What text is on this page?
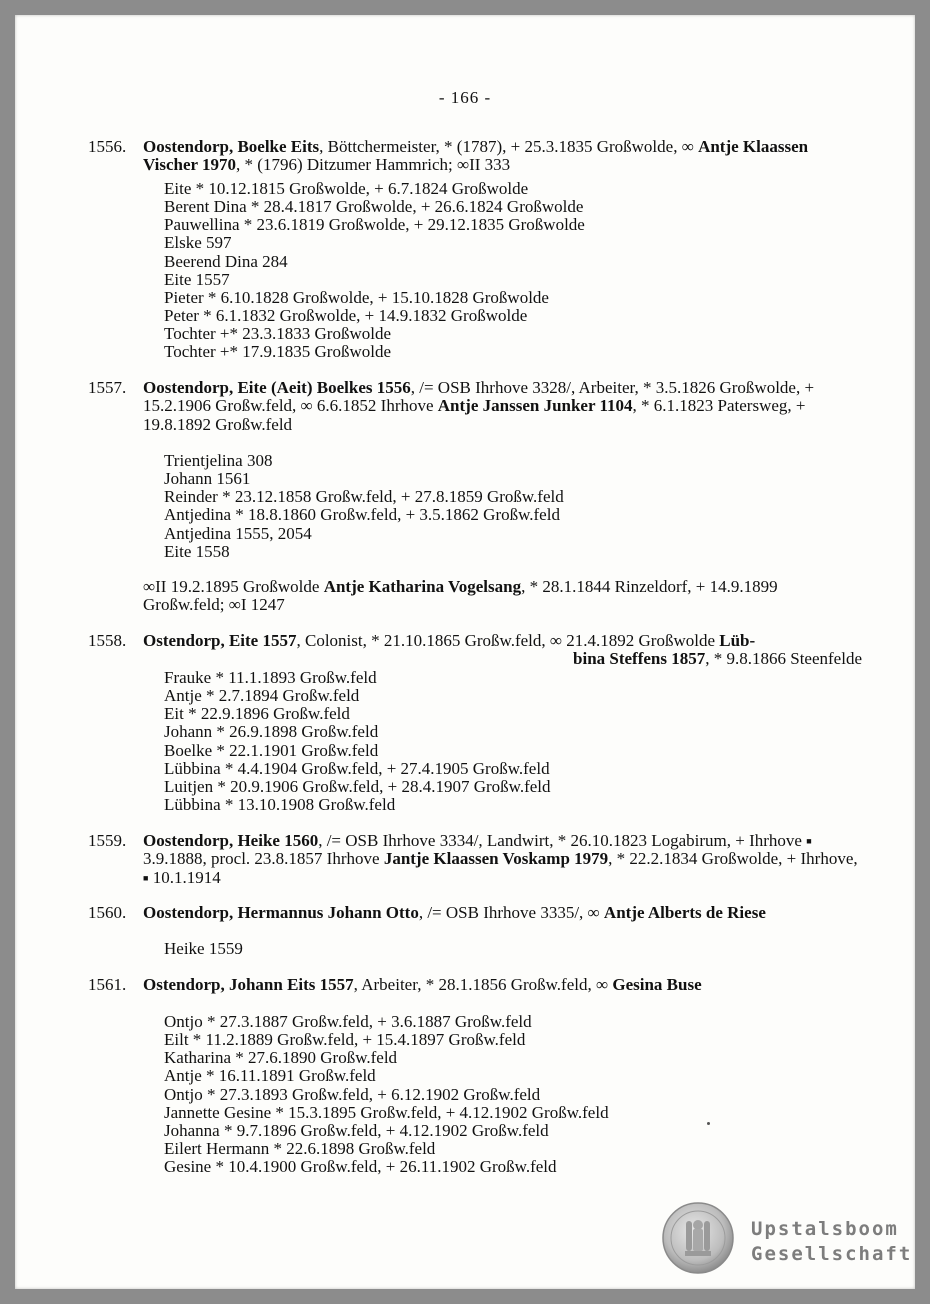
- 166 -
1556. Oostendorp, Boelke Eits, Böttchermeister, * (1787), + 25.3.1835 Großwolde, ∞ Antje Klaassen Vischer 1970, * (1796) Ditzumer Hammrich; ∞II 333
Eite * 10.12.1815 Großwolde, + 6.7.1824 Großwolde
Berent Dina * 28.4.1817 Großwolde, + 26.6.1824 Großwolde
Pauwellina * 23.6.1819 Großwolde, + 29.12.1835 Großwolde
Elske 597
Beerend Dina 284
Eite 1557
Pieter * 6.10.1828 Großwolde, + 15.10.1828 Großwolde
Peter * 6.1.1832 Großwolde, + 14.9.1832 Großwolde
Tochter +* 23.3.1833 Großwolde
Tochter +* 17.9.1835 Großwolde
1557. Oostendorp, Eite (Aeit) Boelkes 1556, /= OSB Ihrhove 3328/, Arbeiter, * 3.5.1826 Großwolde, + 15.2.1906 Großw.feld, ∞ 6.6.1852 Ihrhove Antje Janssen Junker 1104, * 6.1.1823 Patersweg, + 19.8.1892 Großw.feld
Trientjelina 308
Johann 1561
Reinder * 23.12.1858 Großw.feld, + 27.8.1859 Großw.feld
Antjedina * 18.8.1860 Großw.feld, + 3.5.1862 Großw.feld
Antjedina 1555, 2054
Eite 1558
∞II 19.2.1895 Großwolde Antje Katharina Vogelsang, * 28.1.1844 Rinzeldorf, + 14.9.1899 Großw.feld; ∞I 1247
1558. Ostendorp, Eite 1557, Colonist, * 21.10.1865 Großw.feld, ∞ 21.4.1892 Großwolde Lüb-
bina Steffens 1857, * 9.8.1866 Steenfelde
Frauke * 11.1.1893 Großw.feld
Antje * 2.7.1894 Großw.feld
Eit * 22.9.1896 Großw.feld
Johann * 26.9.1898 Großw.feld
Boelke * 22.1.1901 Großw.feld
Lübbina * 4.4.1904 Großw.feld, + 27.4.1905 Großw.feld
Luitjen * 20.9.1906 Großw.feld, + 28.4.1907 Großw.feld
Lübbina * 13.10.1908 Großw.feld
1559. Oostendorp, Heike 1560, /= OSB Ihrhove 3334/, Landwirt, * 26.10.1823 Logabirum, + Ihrhove ■ 3.9.1888, procl. 23.8.1857 Ihrhove Jantje Klaassen Voskamp 1979, * 22.2.1834 Großwolde, + Ihrhove, ■ 10.1.1914
1560. Oostendorp, Hermannus Johann Otto, /= OSB Ihrhove 3335/, ∞ Antje Alberts de Riese
Heike 1559
1561. Ostendorp, Johann Eits 1557, Arbeiter, * 28.1.1856 Großw.feld, ∞ Gesina Buse
Ontjo * 27.3.1887 Großw.feld, + 3.6.1887 Großw.feld
Eilt * 11.2.1889 Großw.feld, + 15.4.1897 Großw.feld
Katharina * 27.6.1890 Großw.feld
Antje * 16.11.1891 Großw.feld
Ontjo * 27.3.1893 Großw.feld, + 6.12.1902 Großw.feld
Jannette Gesine * 15.3.1895 Großw.feld, + 4.12.1902 Großw.feld
Johanna * 9.7.1896 Großw.feld, + 4.12.1902 Großw.feld
Eilert Hermann * 22.6.1898 Großw.feld
Gesine * 10.4.1900 Großw.feld, + 26.11.1902 Großw.feld
Upstalsboom
Gesellschaft
